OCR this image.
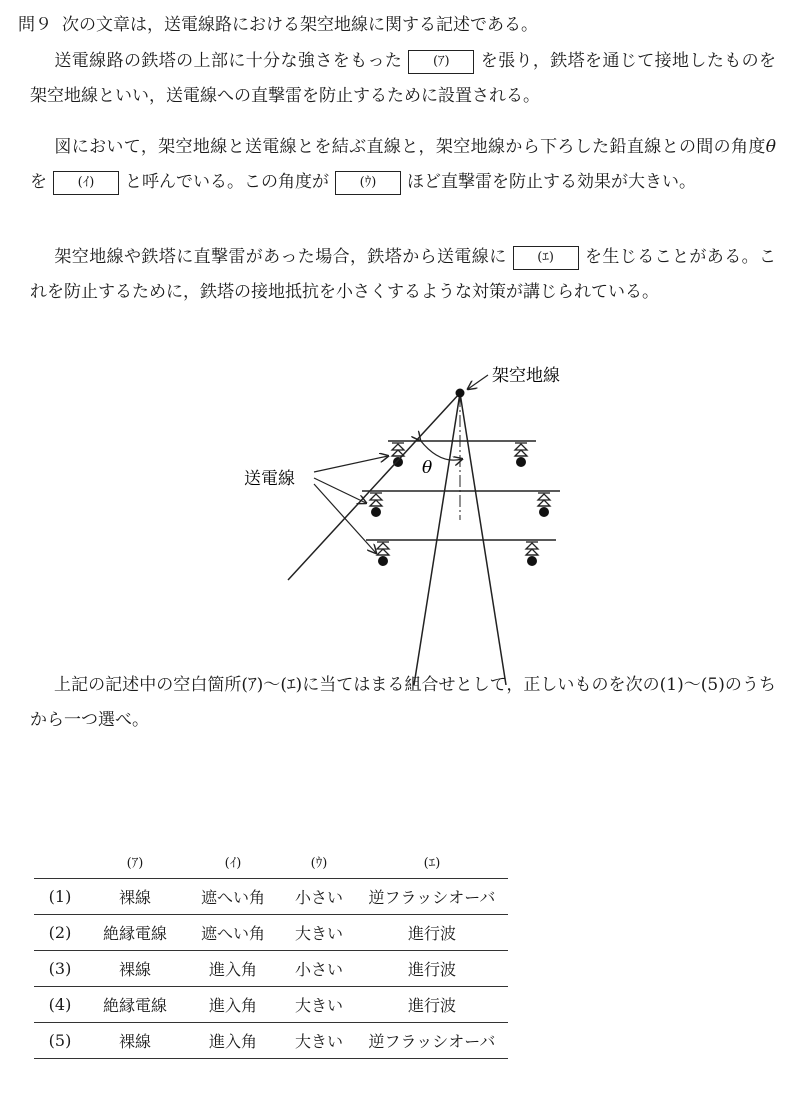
問９ 次の文章は，送電線路における架空地線に関する記述である。
送電線路の鉄塔の上部に十分な強さをもった (ｱ) を張り，鉄塔を通じて接地したものを架空地線といい，送電線への直撃雷を防止するために設置される。
図において，架空地線と送電線とを結ぶ直線と，架空地線から下ろした鉛直線との間の角度θを (ｲ) と呼んでいる。この角度が (ｳ) ほど直撃雷を防止する効果が大きい。
架空地線や鉄塔に直撃雷があった場合，鉄塔から送電線に (ｴ) を生じることがある。これを防止するために，鉄塔の接地抵抗を小さくするような対策が講じられている。
θ
架空地線
送電線
上記の記述中の空白箇所(ｱ)～(ｴ)に当てはまる組合せとして，正しいものを次の(1)～(5)のうちから一つ選べ。
	(ｱ)	(ｲ)	(ｳ)	(ｴ)
(1)	裸線	遮へい角	小さい	逆フラッシオーバ
(2)	絶縁電線	遮へい角	大きい	進行波
(3)	裸線	進入角	小さい	進行波
(4)	絶縁電線	進入角	大きい	進行波
(5)	裸線	進入角	大きい	逆フラッシオーバ
